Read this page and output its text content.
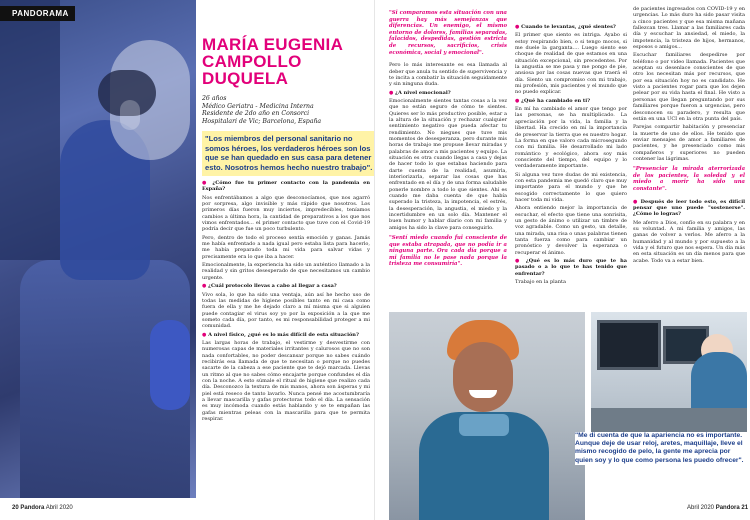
PANDORAMA
MARÍA EUGENIA CAMPOLLO DUQUELA
26 años
Médico Geriatra - Medicina Interna
Residente de 2do año en Consorci
Hospitalari de Vic; Barcelona, España
"Los miembros del personal sanitario no somos héroes, los verdaderos héroes son los que se han quedado en sus casa para detener esto. Nosotros hemos hecho nuestro trabajo".

● ¿Cómo fue tu primer contacto con la pandemia en España?

Nos enfrentábamos a algo que desconocíamos, que nos agarró por sorpresa, algo invisible y más rápido que nosotros. Los primeros días fueron muy inciertos, impredecibles, teníamos cambios a última hora, la cantidad de preparativos a los que nos vimos enfrentados... el primer contacto que tuve con el Covid-19 podría decir que fue un poco turbulento.

Pero, dentro de todo el proceso sentía emoción y ganas. Jamás me había enfrentado a nada igual pero estaba lista para hacerlo, me había preparado toda mi vida para salvar vidas y precisamente era lo que iba a hacer.

Emocionalmente, la experiencia ha sido un auténtico llamado a la realidad y sin gritos desesperado de que necesitamos un cambio urgente.

● ¿Cuál protocolo llevas a cabo al llegar a casa?

Vivo sola, lo que ha sido una ventaja, aún así he hecho uso de todas las medidas de higiene posibles tanto en mi casa como fuera de ella y me he dejado claro a mí misma que si alguien puede contagiar el virus soy yo por la exposición a la que me someto cada día, por tanto, es mi responsabilidad proteger a mi comunidad.

● A nivel físico, ¿qué es lo más difícil de esta situación?

Las largas horas de trabajo, el vestirme y desvestirme con numerosas capas de materiales irritantes y calurosos que no son nada confortables, no poder descansar porque no sabes cuándo recibirás esa llamada de que te necesitan o porque no puedes sacarte de la cabeza a ese paciente que te dejó marcada. Llevas un ritmo al que no sabes cómo encajarte porque confundes el día con la noche. A esto súmale el ritual de higiene que realizo cada día. Desconozco la textura de mis manos, ahora son ásperas y mi piel está reseco de tanto lavarlo. Nunca pensé me acostumbraría a llevar mascarilla y gafas protectoras todo el día. La sensación es muy incómoda cuando estás hablando y se te empañan las gafas mientras peleas con la mascarilla para que te permita respirar.

20 Pandora Abril 2020
"Si comparamos esta situación con una guerra hay más semejanzas que diferencias. Un enemigo, el mismo entorno de dolores, familias separadas, falacidos, despedidas, gestión estricta de recursos, sacrificios, crisis económica, social y emocional".

Pero lo más interesante es esa llamada al deber que anula tu sentido de supervivencia y te incita a combatir la situación seguidamente y sin ninguna duda.

● ¿A nivel emocional?

Emocionalmente sientes tantas cosas a la vez que no están seguro de cómo te sientes. Quieres ser lo más productivo posible, estar a la altura de la situación y rechazar cualquier sentimiento negativo que pueda afectar tu rendimiento. No niegues que tuve mis momentos de desesperanza, pero durante mis horas de trabajo me propuse llevar miradas y palabras de amor a mis pacientes y equipo. La situación es otra cuando llegas a casa y dejas de hacer todo lo que estabas haciendo para darte cuenta de la realidad, asumirla, interiorizarla, separar las cosas que has enfrentado en el día y de una forma saludable ponerle nombre a todo lo que sientes. Ahí es cuando me daba cuenta de que había superado la tristeza, la impotencia, el estrés, la desesperación, la angustia, el miedo y la incertidumbre en un solo día. Mantener el buen humor y hablar diario con mi familia y amigos ha sido la clave para conseguirlo.

"Sentí miedo cuando fui consciente de que estaba atrapada, que no podía ir a ninguna parte. Ora cada día porque a mi familia no le pase nada porque la tristeza me consumiría".

● Cuando te levantas, ¿qué sientes?

El primer que siento es intriga. Ayabo si estoy respirando bien, o si tengo mocos, si me duele la garganta.... Luego siento ese choque de realidad de que estamos en una situación excepcional, sin precedentes. Por la angustia se me pasa y me pongo de pie, ansiosa por las cosas nuevas que traerá el día. Siento un compromiso con mi trabajo, mi profesión, mis pacientes y el mundo que no puedo explicar.

● ¿Qué ha cambiado en ti?

En mí ha cambiado el amor que tengo por las personas, se ha multiplicado. La apreciación por la vida, la familia y la libertad. Ha crecido en mí la importancia de preservar la tierra que es nuestro hogar. La forma en que valoro cada microsegundo con mi familia. He desarrollado mi lado romántico y ecológico, ahora soy más consciente del tiempo, del equipo y lo verdaderamente importante.

Si alguna vez tuve dudas de mi existencia, con esta pandemia me quedó claro que muy importante para el mundo y que he escogido correctamente lo que quiero hacer toda mi vida.

Ahora entiendo mejor la importancia de escuchar, el efecto que tiene una sonrisita, un gesto de ánimo o utilizar un timbre de voz agradable. Como un gesto, un detalle, una mirada, una risa o unas palabras tienen tanta fuerza como para cambiar un pronóstico y devolver la esperanza o recuperar el ánimo.

● ¿Qué es lo más duro que te ha pasado o a lo que te has tenido que enfrentar?

Trabajo en la planta

de pacientes ingresados con COVID-19 y en urgencias. Lo más duro ha sido pasar visita a cinco pacientes y que esa misma mañana fallezcan tres. Llamar a las familiares cada día y escuchar la ansiedad, el miedo, la impotencia, la tristeza de hijos, hermanos, esposos o amigos...

Escuchar familiares despedirse por teléfono o por video llamada. Pacientes que aceptan su desenlace conscientes de que otro los necesitan más por recursos, que por esa situación hoy no es candidato. He visto a pacientes rogar para que los dejen pelear por su vida hasta el final. He visto a personas que llegan preguntando por sus familiares porque fueron a urgencias, pero desconocen su paradero, y resulta que están en una UCI en la otra punta del país.

Parejas compartir habitación y presenciar la muerte de uno de ellos. He tenido que enviar mensajes de amor a familiares de pacientes, y he presenciado como mis compañeros y superiores no pueden contener las lágrimas.

"Presenciar la mirada aterrorizada de los pacientes, la soledad y el miedo a morir ha sido una constante".

● Después de leer todo esto, es difícil pensar que uno puede "sostenerse". ¿Cómo lo logras?

Me aferro a Dios, confío en su palabra y en su voluntad. A mi familia y amigos, las ganas de volver a verlos. Me aferro a la humanidad y al mundo y por supuesto a la vida y el futuro que nos espera. Un día más en esta situación es un día menos para que acabe. Todo va a estar bien.

"Me di cuenta de que la apariencia no es importante. Aunque deje de usar reloj, aretes, maquillaje, lleve el mismo recogido de pelo, la gente me aprecia por quien soy y lo que como persona les puedo ofrecer".
Abril 2020 Pandora 21
